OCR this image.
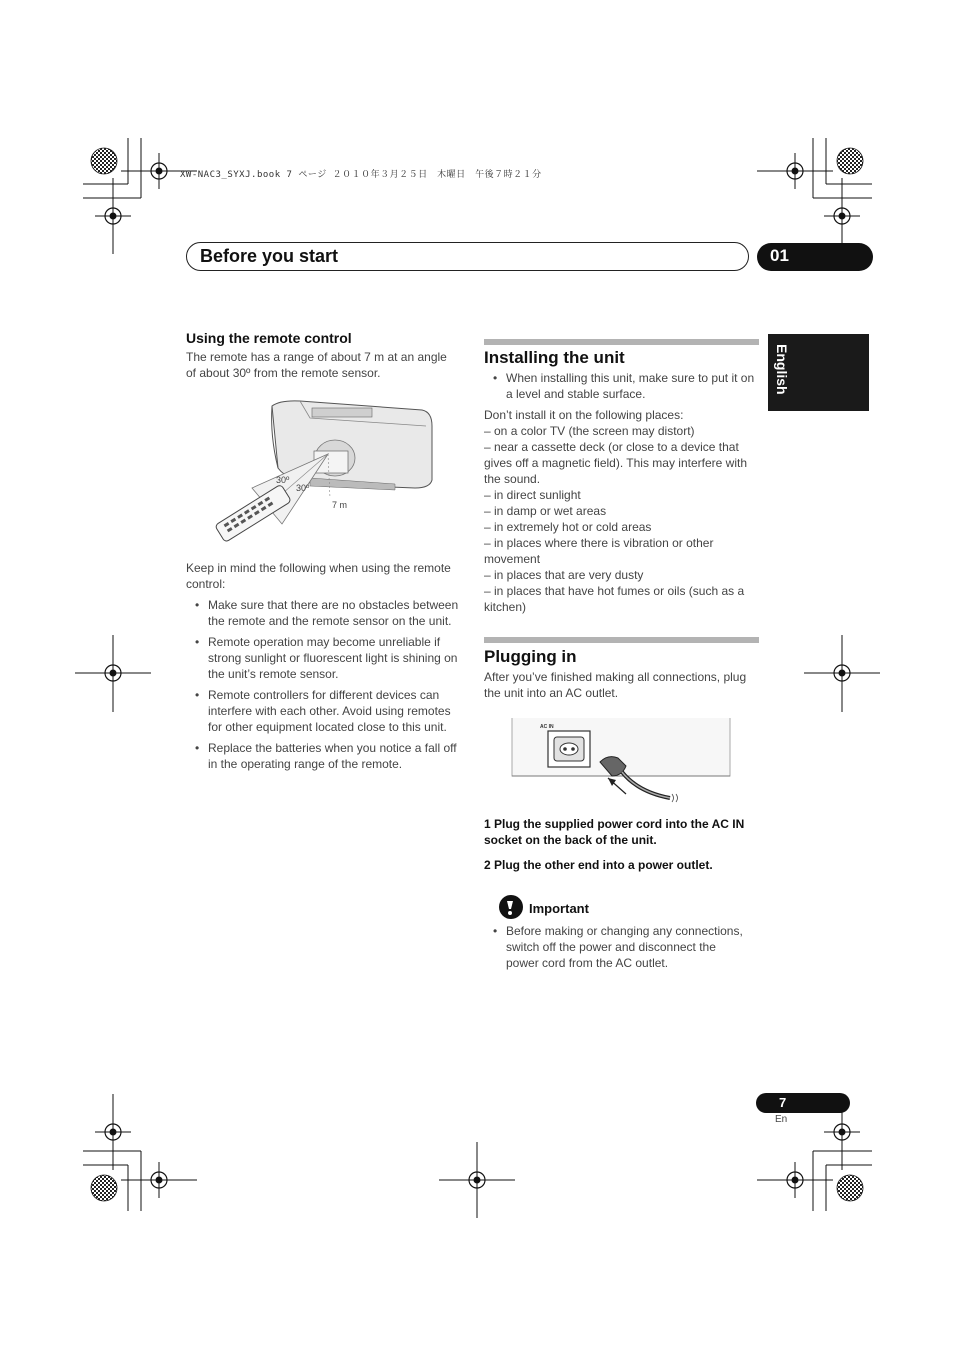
XW-NAC3_SYXJ.book 7 ページ ２０１０年３月２５日　木曜日　午後７時２１分
Before you start	01
English
Using the remote control
The remote has a range of about 7 m at an angle of about 30º from the remote sensor.
30º
30º
7 m
Keep in mind the following when using the remote control:
• Make sure that there are no obstacles between the remote and the remote sensor on the unit.
• Remote operation may become unreliable if strong sunlight or fluorescent light is shining on the unit’s remote sensor.
• Remote controllers for different devices can interfere with each other. Avoid using remotes for other equipment located close to this unit.
• Replace the batteries when you notice a fall off in the operating range of the remote.
Installing the unit
• When installing this unit, make sure to put it on a level and stable surface.
Don’t install it on the following places:
– on a color TV (the screen may distort)
– near a cassette deck (or close to a device that gives off a magnetic field). This may interfere with the sound.
– in direct sunlight
– in damp or wet areas
– in extremely hot or cold areas
– in places where there is vibration or other movement
– in places that are very dusty
– in places that have hot fumes or oils (such as a kitchen)
Plugging in
After you’ve finished making all connections, plug the unit into an AC outlet.
AC IN
1 Plug the supplied power cord into the AC IN socket on the back of the unit.
2 Plug the other end into a power outlet.
Important
• Before making or changing any connections, switch off the power and disconnect the power cord from the AC outlet.
7
En
